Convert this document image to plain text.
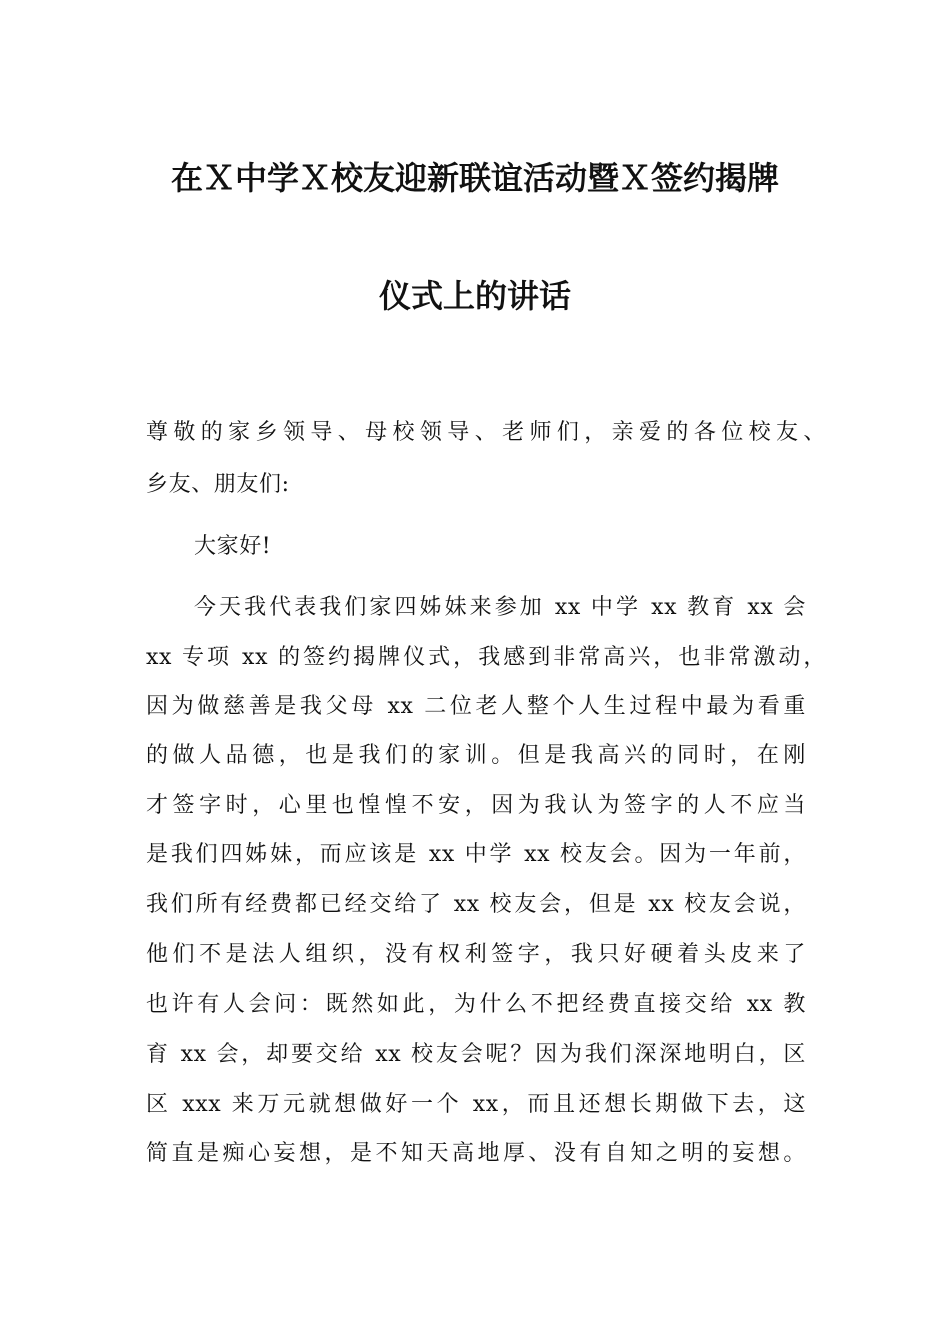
在Ｘ中学Ｘ校友迎新联谊活动暨Ｘ签约揭牌
仪式上的讲话
尊敬的家乡领导、母校领导、老师们，亲爱的各位校友、
乡友、朋友们:
大家好!
今天我代表我们家四姊妹来参加 xx 中学 xx 教育 xx 会
xx 专项 xx 的签约揭牌仪式，我感到非常高兴，也非常激动，
因为做慈善是我父母 xx 二位老人整个人生过程中最为看重
的做人品德，也是我们的家训。但是我高兴的同时，在刚
才签字时，心里也惶惶不安，因为我认为签字的人不应当
是我们四姊妹，而应该是 xx 中学 xx 校友会。因为一年前，
我们所有经费都已经交给了 xx 校友会，但是 xx 校友会说，
他们不是法人组织，没有权利签字，我只好硬着头皮来了
也许有人会问：既然如此，为什么不把经费直接交给 xx 教
育 xx 会，却要交给 xx 校友会呢？因为我们深深地明白，区
区 xxx 来万元就想做好一个 xx，而且还想长期做下去，这
简直是痴心妄想，是不知天高地厚、没有自知之明的妄想。
